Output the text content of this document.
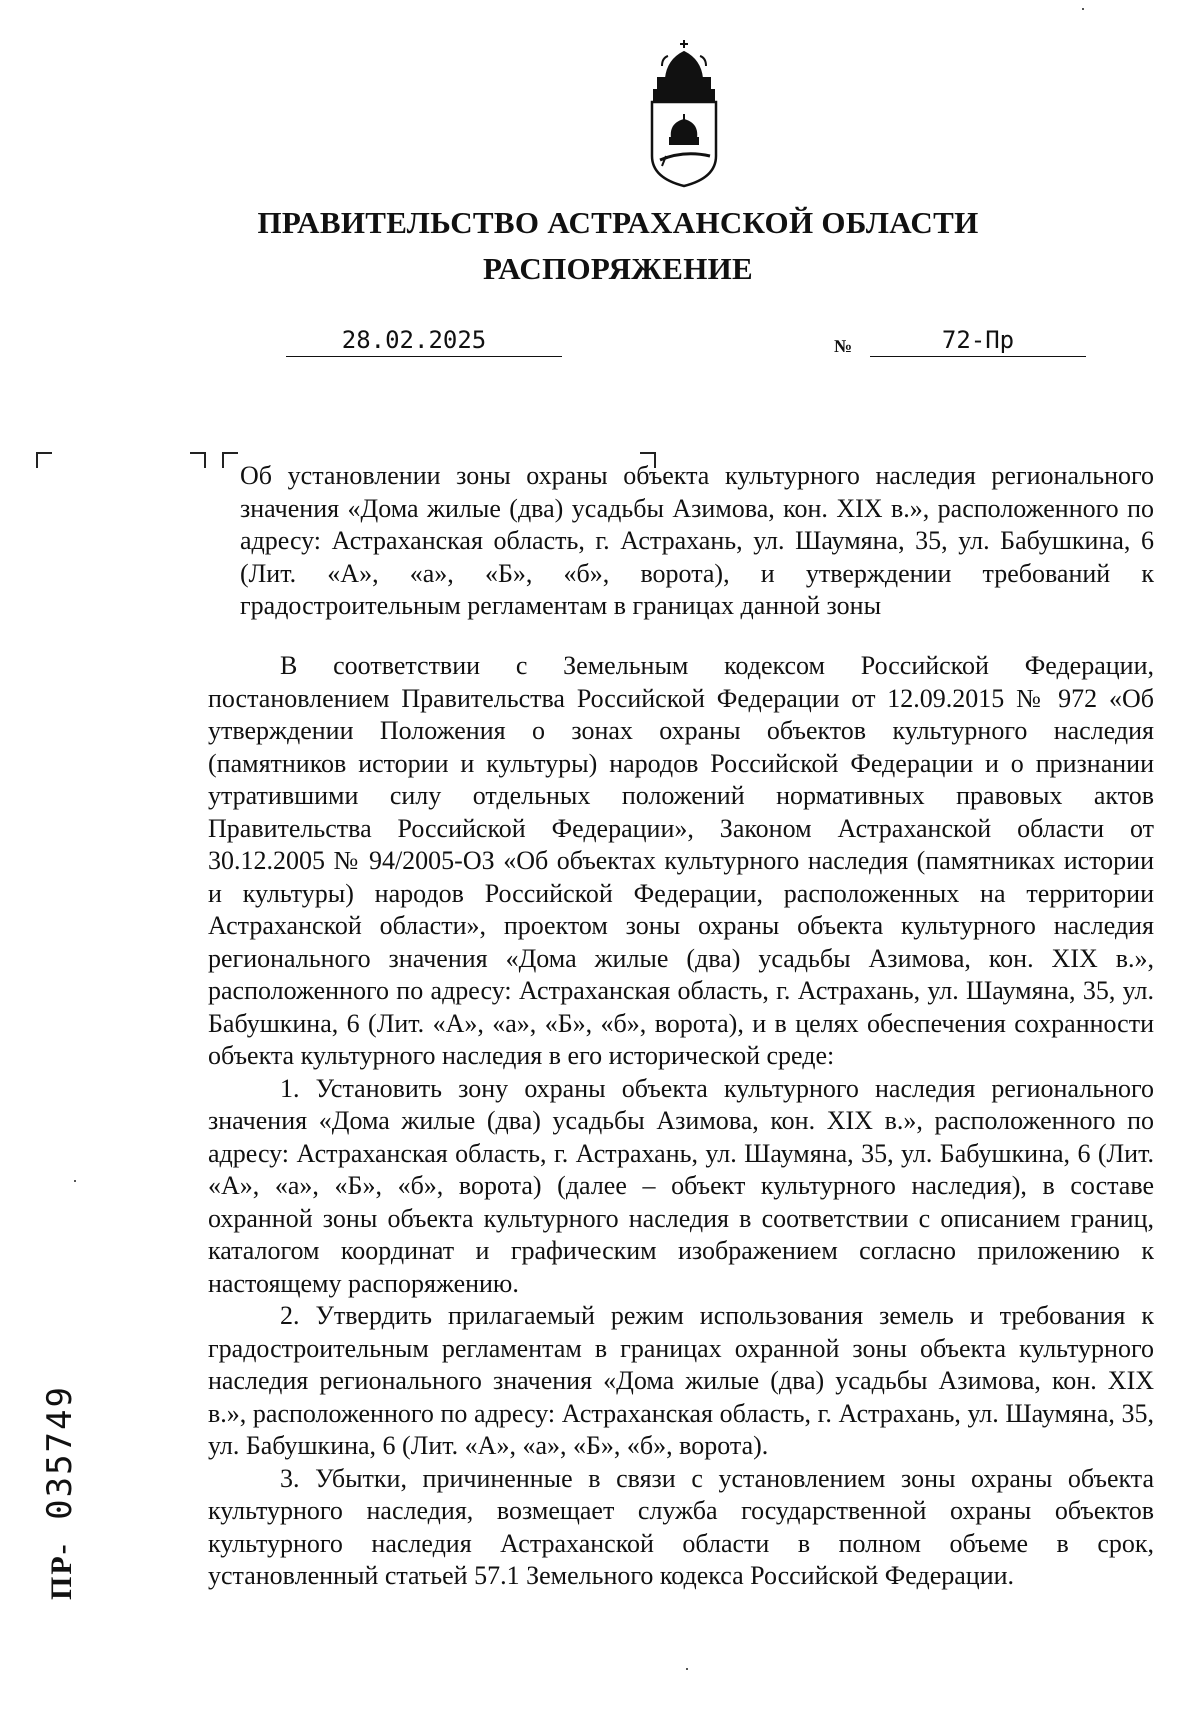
ПРАВИТЕЛЬСТВО АСТРАХАНСКОЙ ОБЛАСТИ
РАСПОРЯЖЕНИЕ
28.02.2025	№	72-Пр
Об установлении зоны охраны объекта культурного наследия регионального значения «Дома жилые (два) усадьбы Азимова, кон. XIX в.», расположенного по адресу: Астраханская область, г. Астрахань, ул. Шаумяна, 35, ул. Бабушкина, 6 (Лит. «А», «а», «Б», «б», ворота), и утверждении требований к градостроительным регламентам в границах данной зоны

В соответствии с Земельным кодексом Российской Федерации, постановлением Правительства Российской Федерации от 12.09.2015 № 972 «Об утверждении Положения о зонах охраны объектов культурного наследия (памятников истории и культуры) народов Российской Федерации и о признании утратившими силу отдельных положений нормативных правовых актов Правительства Российской Федерации», Законом Астраханской области от 30.12.2005 № 94/2005-ОЗ «Об объектах культурного наследия (памятниках истории и культуры) народов Российской Федерации, расположенных на территории Астраханской области», проектом зоны охраны объекта культурного наследия регионального значения «Дома жилые (два) усадьбы Азимова, кон. XIX в.», расположенного по адресу: Астраханская область, г. Астрахань, ул. Шаумяна, 35, ул. Бабушкина, 6 (Лит. «А», «а», «Б», «б», ворота), и в целях обеспечения сохранности объекта культурного наследия в его исторической среде:

1. Установить зону охраны объекта культурного наследия регионального значения «Дома жилые (два) усадьбы Азимова, кон. XIX в.», расположенного по адресу: Астраханская область, г. Астрахань, ул. Шаумяна, 35, ул. Бабушкина, 6 (Лит. «А», «а», «Б», «б», ворота) (далее – объект культурного наследия), в составе охранной зоны объекта культурного наследия в соответствии с описанием границ, каталогом координат и графическим изображением согласно приложению к настоящему распоряжению.

2. Утвердить прилагаемый режим использования земель и требования к градостроительным регламентам в границах охранной зоны объекта культурного наследия регионального значения «Дома жилые (два) усадьбы Азимова, кон. XIX в.», расположенного по адресу: Астраханская область, г. Астрахань, ул. Шаумяна, 35, ул. Бабушкина, 6 (Лит. «А», «а», «Б», «б», ворота).

3. Убытки, причиненные в связи с установлением зоны охраны объекта культурного наследия, возмещает служба государственной охраны объектов культурного наследия Астраханской области в полном объеме в срок, установленный статьей 57.1 Земельного кодекса Российской Федерации.

ПР- 035749
